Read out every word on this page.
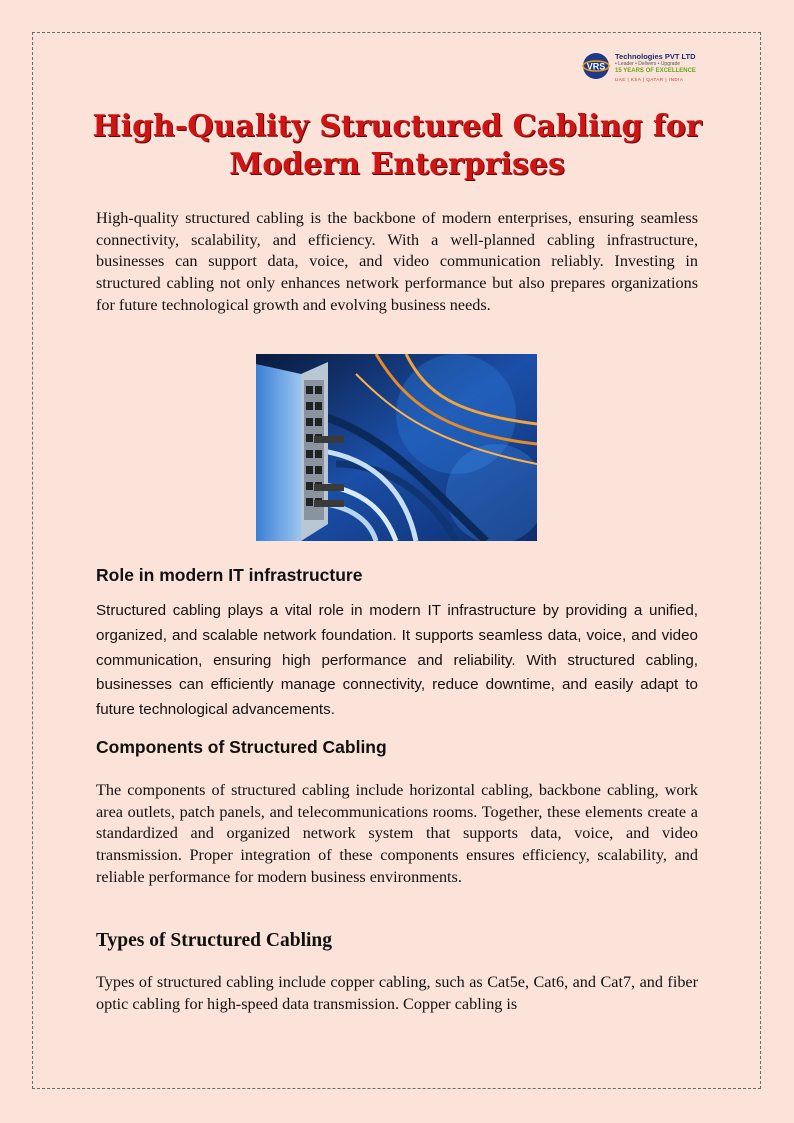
VRS
Technologies PVT LTD
• Leader • Delivers • Upgrade
15 YEARS OF EXCELLENCE
UAE | KSA | QATAR | INDIA
High-Quality Structured Cabling for Modern Enterprises

High-quality structured cabling is the backbone of modern enterprises, ensuring seamless connectivity, scalability, and efficiency. With a well-planned cabling infrastructure, businesses can support data, voice, and video communication reliably. Investing in structured cabling not only enhances network performance but also prepares organizations for future technological growth and evolving business needs.

Role in modern IT infrastructure

Structured cabling plays a vital role in modern IT infrastructure by providing a unified, organized, and scalable network foundation. It supports seamless data, voice, and video communication, ensuring high performance and reliability. With structured cabling, businesses can efficiently manage connectivity, reduce downtime, and easily adapt to future technological advancements.

Components of Structured Cabling

The components of structured cabling include horizontal cabling, backbone cabling, work area outlets, patch panels, and telecommunications rooms. Together, these elements create a standardized and organized network system that supports data, voice, and video transmission. Proper integration of these components ensures efficiency, scalability, and reliable performance for modern business environments.

Types of Structured Cabling

Types of structured cabling include copper cabling, such as Cat5e, Cat6, and Cat7, and fiber optic cabling for high-speed data transmission. Copper cabling is
